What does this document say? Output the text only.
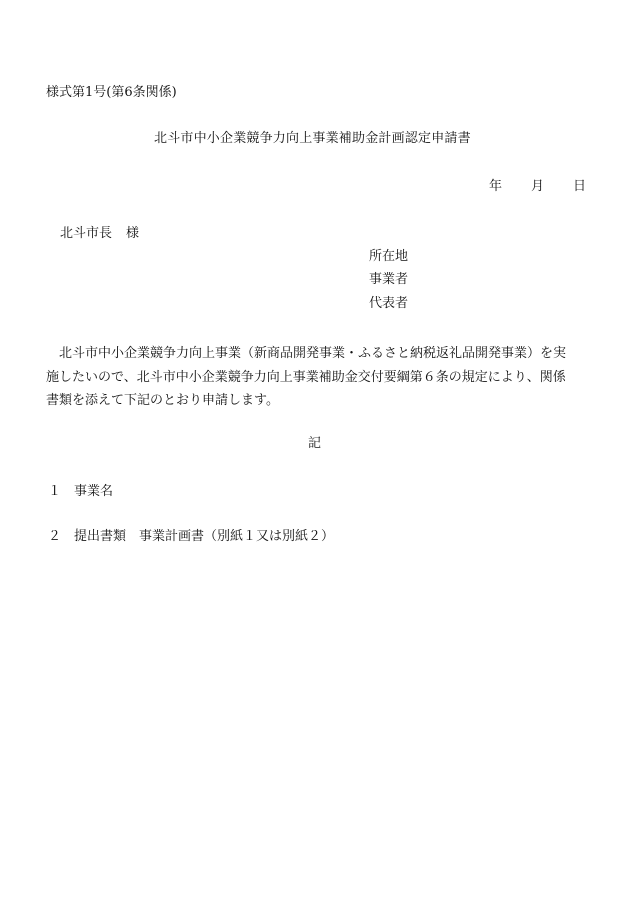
様式第1号(第6条関係)
北斗市中小企業競争力向上事業補助金計画認定申請書
年 月 日
北斗市長 様
所在地
事業者
代表者
　北斗市中小企業競争力向上事業（新商品開発事業・ふるさと納税返礼品開発事業）を実
施したいので、北斗市中小企業競争力向上事業補助金交付要綱第６条の規定により、関係
書類を添えて下記のとおり申請します。
記
１ 事業名
２ 提出書類　事業計画書（別紙１又は別紙２）
